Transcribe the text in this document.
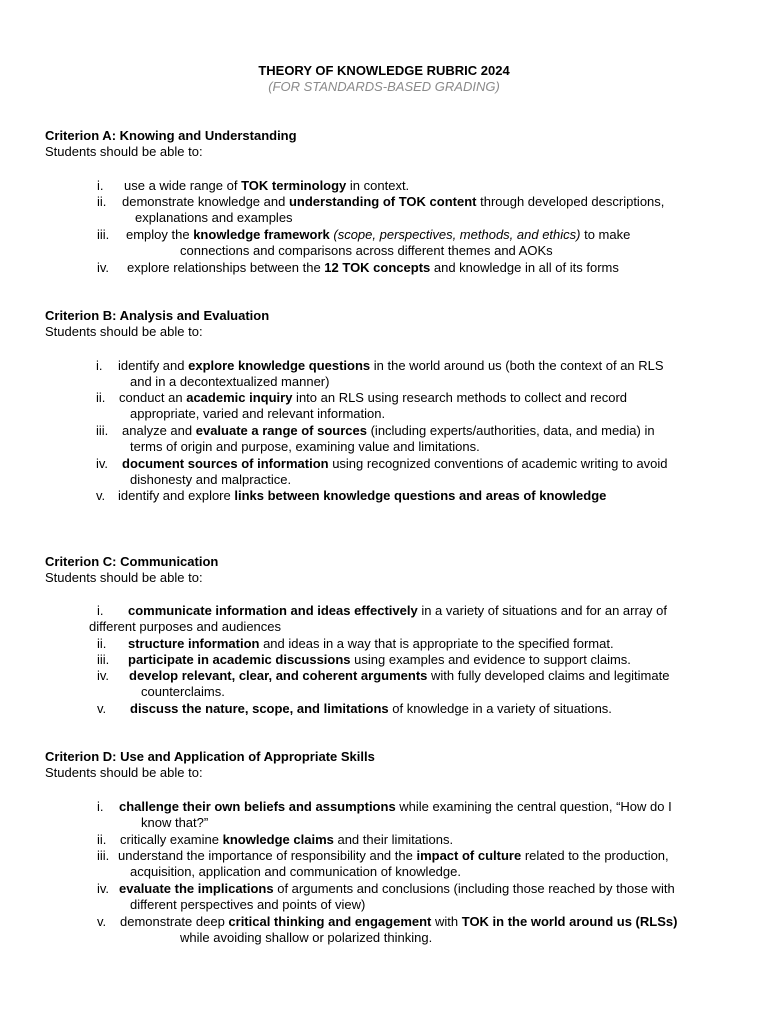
THEORY OF KNOWLEDGE RUBRIC 2024
(FOR STANDARDS-BASED GRADING)

Criterion A: Knowing and Understanding

Students should be able to:

i. use a wide range of TOK terminology in context.
ii. demonstrate knowledge and understanding of TOK content through developed descriptions,
explanations and examples
iii. employ the knowledge framework (scope, perspectives, methods, and ethics) to make
connections and comparisons across different themes and AOKs
iv. explore relationships between the 12 TOK concepts and knowledge in all of its forms

Criterion B: Analysis and Evaluation

Students should be able to:

i. identify and explore knowledge questions in the world around us (both the context of an RLS
and in a decontextualized manner)
ii. conduct an academic inquiry into an RLS using research methods to collect and record
appropriate, varied and relevant information.
iii. analyze and evaluate a range of sources (including experts/authorities, data, and media) in
terms of origin and purpose, examining value and limitations.
iv. document sources of information using recognized conventions of academic writing to avoid
dishonesty and malpractice.
v. identify and explore links between knowledge questions and areas of knowledge

Criterion C: Communication

Students should be able to:

i. communicate information and ideas effectively in a variety of situations and for an array of
different purposes and audiences
ii. structure information and ideas in a way that is appropriate to the specified format.
iii. participate in academic discussions using examples and evidence to support claims.
iv. develop relevant, clear, and coherent arguments with fully developed claims and legitimate
counterclaims.
v. discuss the nature, scope, and limitations of knowledge in a variety of situations.

Criterion D: Use and Application of Appropriate Skills

Students should be able to:

i. challenge their own beliefs and assumptions while examining the central question, “How do I
know that?”
ii. critically examine knowledge claims and their limitations.
iii. understand the importance of responsibility and the impact of culture related to the production,
acquisition, application and communication of knowledge.
iv. evaluate the implications of arguments and conclusions (including those reached by those with
different perspectives and points of view)
v. demonstrate deep critical thinking and engagement with TOK in the world around us (RLSs)
while avoiding shallow or polarized thinking.
